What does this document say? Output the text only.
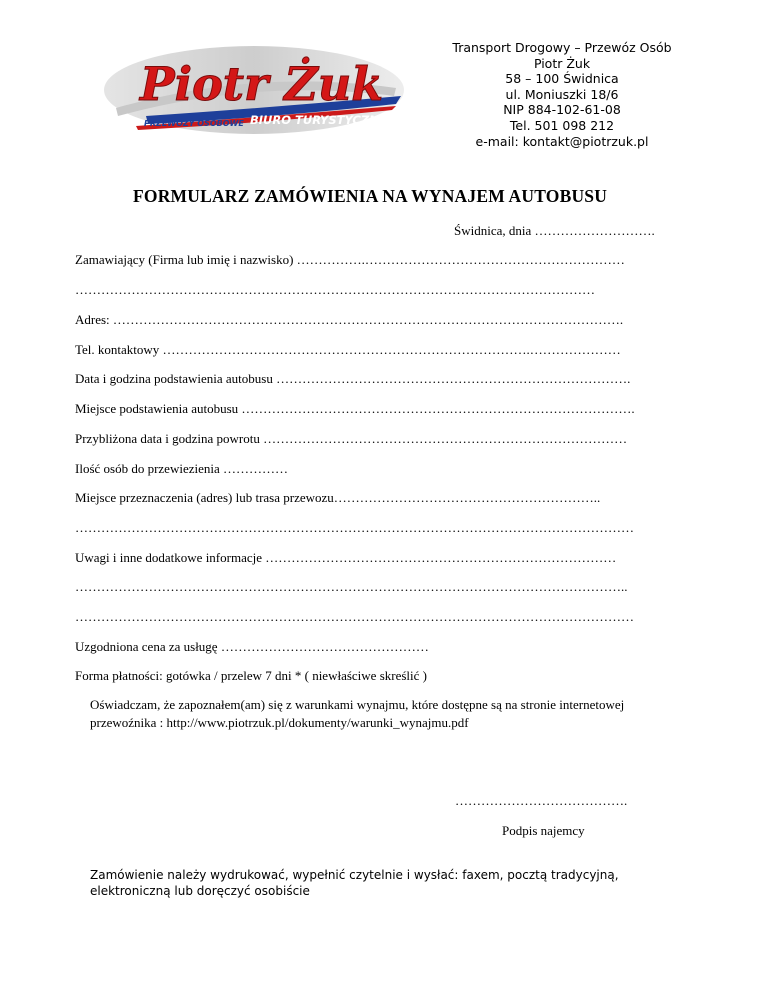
Piotr Żuk
PRZEWOZY OSOBOWE BIURO TURYSTYCZNE
Transport Drogowy – Przewóz Osób
Piotr Żuk
58 – 100 Świdnica
ul. Moniuszki 18/6
NIP 884-102-61-08
Tel. 501 098 212
e-mail: kontakt@piotrzuk.pl
FORMULARZ ZAMÓWIENIA NA WYNAJEM AUTOBUSU
Świdnica, dnia ……………………….
Zamawiający (Firma lub imię i nazwisko) …………….……………………………………………………
…………………………………………………………………………………………………………
Adres: ……………………………………………………………………………………………………….
Tel. kontaktowy ………………………………………………………………………….…………………
Data i godzina podstawienia autobusu ……………………………………………………………………….
Miejsce podstawienia autobusu ……………………………………………………………………………….
Przybliżona data i godzina powrotu …………………………………………………………………………
Ilość osób do przewiezienia ……………
Miejsce przeznaczenia (adres) lub trasa przewozu……………………………………………………..
…………………………………………………………………………………………………………………
Uwagi i inne dodatkowe informacje ………………………………………………………………………
………………………………………………………………………………………………………………..
…………………………………………………………………………………………………………………
Uzgodniona cena za usługę …………………………………………
Forma płatności: gotówka / przelew 7 dni * ( niewłaściwe skreślić )
Oświadczam, że zapoznałem(am) się z warunkami wynajmu, które dostępne są na stronie internetowej
przewoźnika : http://www.piotrzuk.pl/dokumenty/warunki_wynajmu.pdf
………………………………….
Podpis najemcy
Zamówienie należy wydrukować, wypełnić czytelnie i wysłać: faxem, pocztą tradycyjną,
elektroniczną lub doręczyć osobiście
